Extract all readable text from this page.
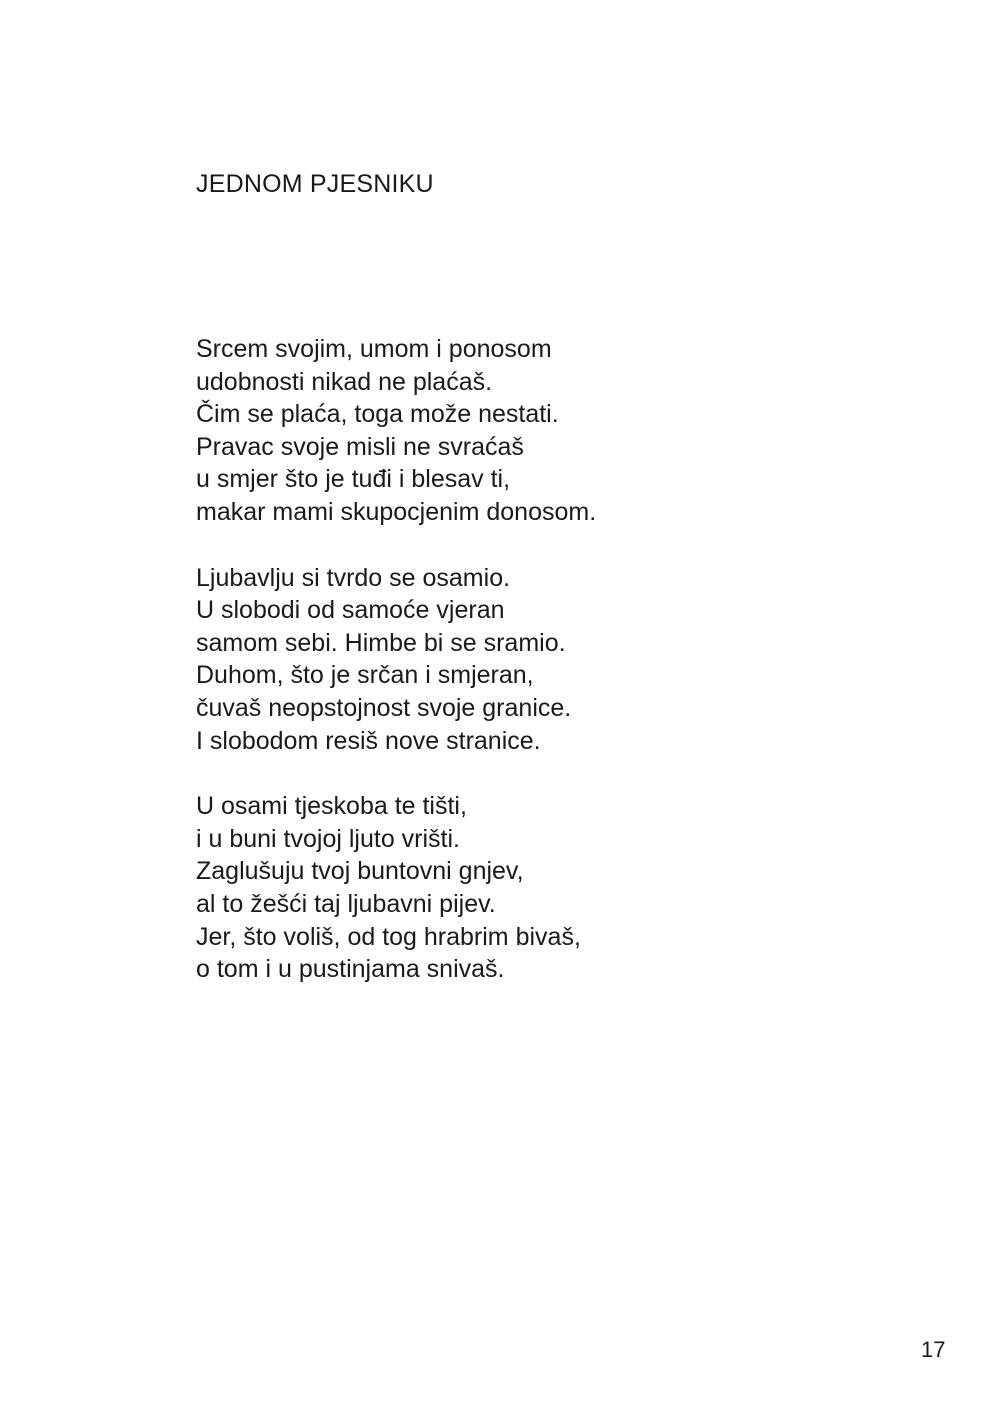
JEDNOM PJESNIKU
Srcem svojim, umom i ponosom
udobnosti nikad ne plaćaš.
Čim se plaća, toga može nestati.
Pravac svoje misli ne svraćaš
u smjer što je tuđi i blesav ti,
makar mami skupocjenim donosom.
Ljubavlju si tvrdo se osamio.
U slobodi od samoće vjeran
samom sebi. Himbe bi se sramio.
Duhom, što je srčan i smjeran,
čuvaš neopstojnost svoje granice.
I slobodom resiš nove stranice.
U osami tjeskoba te tišti,
i u buni tvojoj ljuto vrišti.
Zaglušuju tvoj buntovni gnjev,
al to žešći taj ljubavni pijev.
Jer, što voliš, od tog hrabrim bivaš,
o tom i u pustinjama snivaš.
17
